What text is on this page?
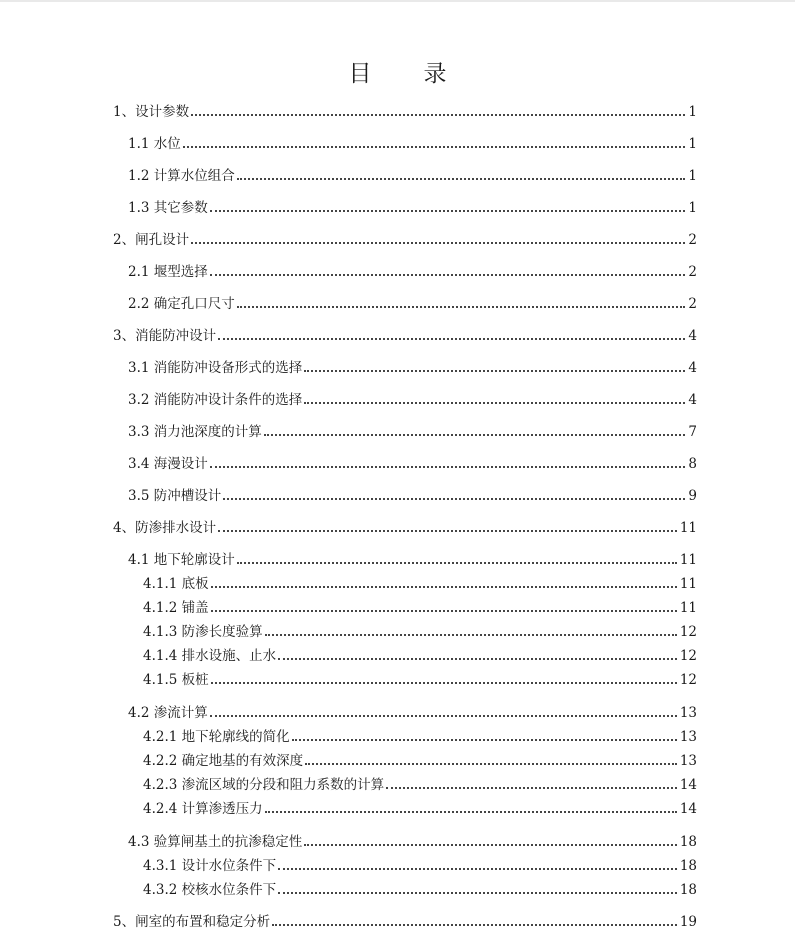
目 录
1、设计参数	1
1.1 水位	1
1.2 计算水位组合	1
1.3 其它参数	1
2、闸孔设计	2
2.1 堰型选择	2
2.2 确定孔口尺寸	2
3、消能防冲设计	4
3.1 消能防冲设备形式的选择	4
3.2 消能防冲设计条件的选择	4
3.3 消力池深度的计算	7
3.4 海漫设计	8
3.5 防冲槽设计	9
4、防渗排水设计	11
4.1 地下轮廓设计	11
4.1.1 底板	11
4.1.2 铺盖	11
4.1.3 防渗长度验算	12
4.1.4 排水设施、止水	12
4.1.5 板桩	12
4.2 渗流计算	13
4.2.1 地下轮廓线的简化	13
4.2.2 确定地基的有效深度	13
4.2.3 渗流区域的分段和阻力系数的计算	14
4.2.4 计算渗透压力	14
4.3 验算闸基土的抗渗稳定性	18
4.3.1 设计水位条件下	18
4.3.2 校核水位条件下	18
5、闸室的布置和稳定分析	19
